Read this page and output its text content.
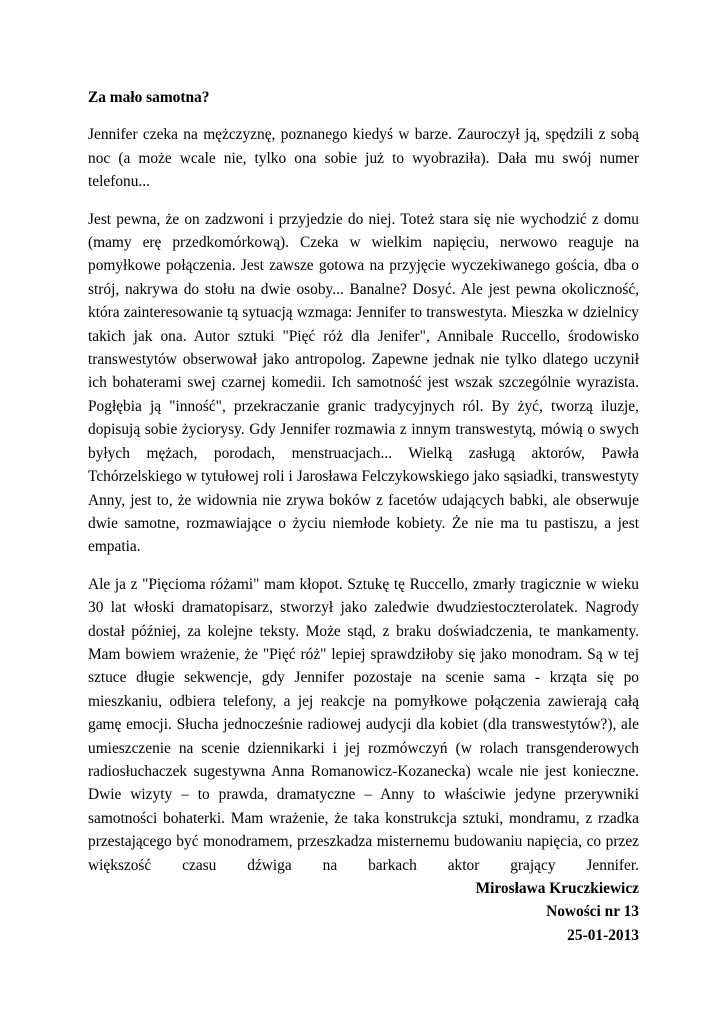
Za mało samotna?
Jennifer czeka na mężczyznę, poznanego kiedyś w barze. Zauroczył ją, spędzili z sobą noc (a może wcale nie, tylko ona sobie już to wyobraziła). Dała mu swój numer telefonu...
Jest pewna, że on zadzwoni i przyjedzie do niej. Toteż stara się nie wychodzić z domu (mamy erę przedkomórkową). Czeka w wielkim napięciu, nerwowo reaguje na pomyłkowe połączenia. Jest zawsze gotowa na przyjęcie wyczekiwanego gościa, dba o strój, nakrywa do stołu na dwie osoby... Banalne? Dosyć. Ale jest pewna okoliczność, która zainteresowanie tą sytuacją wzmaga: Jennifer to transwestyta. Mieszka w dzielnicy takich jak ona. Autor sztuki "Pięć róż dla Jenifer", Annibale Ruccello, środowisko transwestytów obserwował jako antropolog. Zapewne jednak nie tylko dlatego uczynił ich bohaterami swej czarnej komedii. Ich samotność jest wszak szczególnie wyrazista. Pogłębia ją "inność", przekraczanie granic tradycyjnych ról. By żyć, tworzą iluzje, dopisują sobie życiorysy. Gdy Jennifer rozmawia z innym transwestytą, mówią o swych byłych mężach, porodach, menstruacjach... Wielką zasługą aktorów, Pawła Tchórzelskiego w tytułowej roli i Jarosława Felczykowskiego jako sąsiadki, transwestyty Anny, jest to, że widownia nie zrywa boków z facetów udających babki, ale obserwuje dwie samotne, rozmawiające o życiu niemłode kobiety. Że nie ma tu pastiszu, a jest empatia.
Ale ja z "Pięcioma różami" mam kłopot. Sztukę tę Ruccello, zmarły tragicznie w wieku 30 lat włoski dramatopisarz, stworzył jako zaledwie dwudziestoczterolatek. Nagrody dostał później, za kolejne teksty. Może stąd, z braku doświadczenia, te mankamenty. Mam bowiem wrażenie, że "Pięć róż" lepiej sprawdziłoby się jako monodram. Są w tej sztuce długie sekwencje, gdy Jennifer pozostaje na scenie sama - krząta się po mieszkaniu, odbiera telefony, a jej reakcje na pomyłkowe połączenia zawierają całą gamę emocji. Słucha jednocześnie radiowej audycji dla kobiet (dla transwestytów?), ale umieszczenie na scenie dziennikarki i jej rozmówczyń (w rolach transgenderowych radiosłuchaczek sugestywna Anna Romanowicz-Kozanecka) wcale nie jest konieczne. Dwie wizyty – to prawda, dramatyczne – Anny to właściwie jedyne przerywniki samotności bohaterki. Mam wrażenie, że taka konstrukcja sztuki, mondramu, z rzadka przestającego być monodramem, przeszkadza misternemu budowaniu napięcia, co przez większość czasu dźwiga na barkach aktor grający Jennifer.
Mirosława Kruczkiewicz
Nowości nr 13
25-01-2013
